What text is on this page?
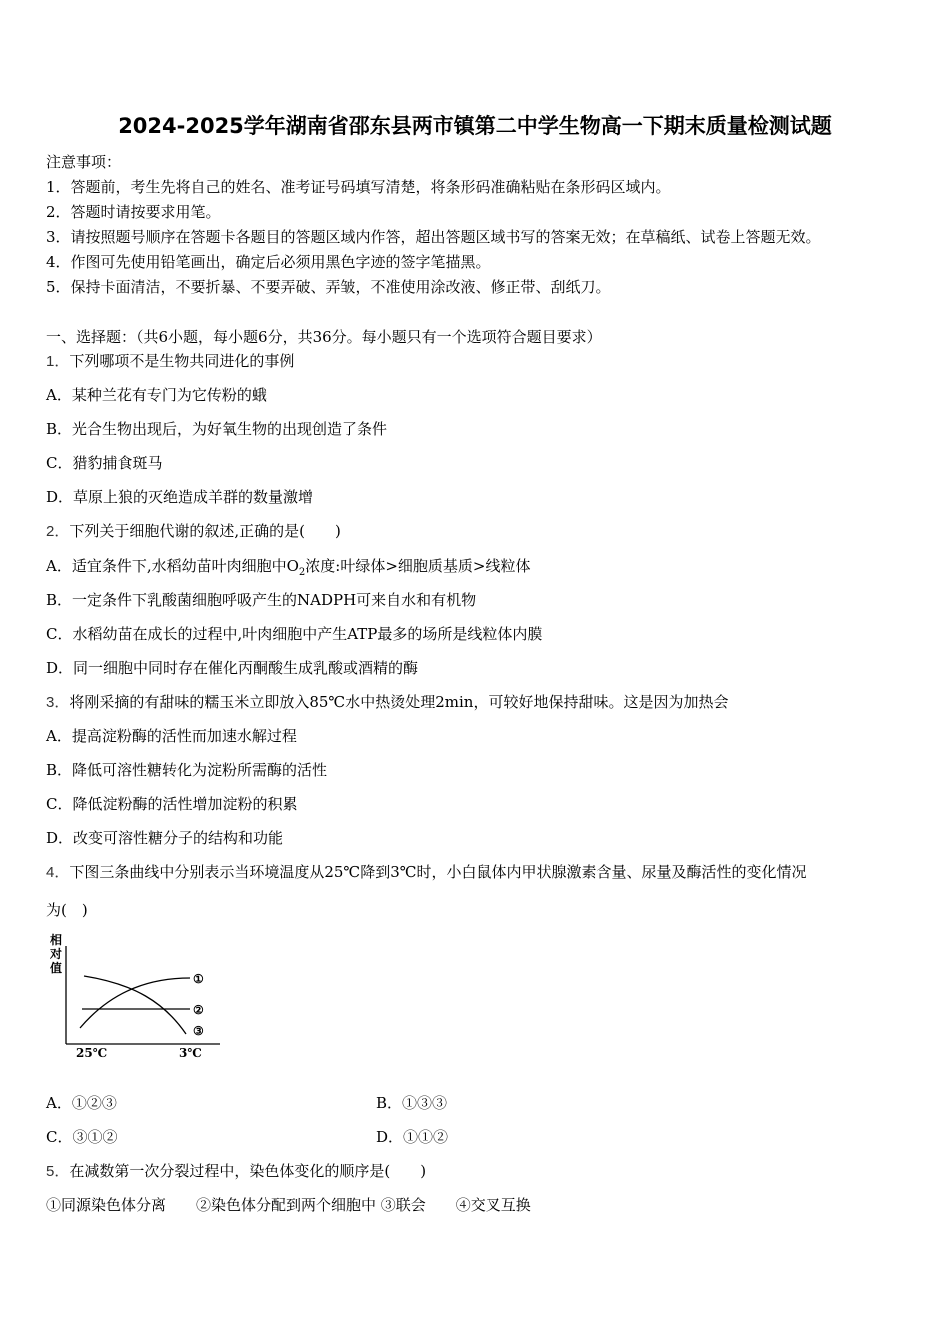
2024-2025学年湖南省邵东县两市镇第二中学生物高一下期末质量检测试题
注意事项：
1．答题前，考生先将自己的姓名、准考证号码填写清楚，将条形码准确粘贴在条形码区域内。
2．答题时请按要求用笔。
3．请按照题号顺序在答题卡各题目的答题区域内作答，超出答题区域书写的答案无效；在草稿纸、试卷上答题无效。
4．作图可先使用铅笔画出，确定后必须用黑色字迹的签字笔描黑。
5．保持卡面清洁，不要折暴、不要弄破、弄皱，不准使用涂改液、修正带、刮纸刀。
一、选择题：（共6小题，每小题6分，共36分。每小题只有一个选项符合题目要求）
1．下列哪项不是生物共同进化的事例
A．某种兰花有专门为它传粉的蛾
B．光合生物出现后，为好氧生物的出现创造了条件
C．猎豹捕食斑马
D．草原上狼的灭绝造成羊群的数量激增
2．下列关于细胞代谢的叙述,正确的是(　　)
A．适宜条件下,水稻幼苗叶肉细胞中$O_2$浓度:叶绿体>细胞质基质>线粒体
B．一定条件下乳酸菌细胞呼吸产生的NADPH可来自水和有机物
C．水稻幼苗在成长的过程中,叶肉细胞中产生ATP最多的场所是线粒体内膜
D．同一细胞中同时存在催化丙酮酸生成乳酸或酒精的酶
3．将刚采摘的有甜味的糯玉米立即放入85℃水中热烫处理2min，可较好地保持甜味。这是因为加热会
A．提高淀粉酶的活性而加速水解过程
B．降低可溶性糖转化为淀粉所需酶的活性
C．降低淀粉酶的活性增加淀粉的积累
D．改变可溶性糖分子的结构和功能
4．下图三条曲线中分别表示当环境温度从25℃降到3℃时，小白鼠体内甲状腺激素含量、尿量及酶活性的变化情况
为(　)
相
对
值
①
②
③
25℃	3℃
A．①②③	B．①③③
C．③①②	D．①①②
5．在减数第一次分裂过程中，染色体变化的顺序是(　　)
①同源染色体分离　　②染色体分配到两个细胞中 ③联会　　④交叉互换
